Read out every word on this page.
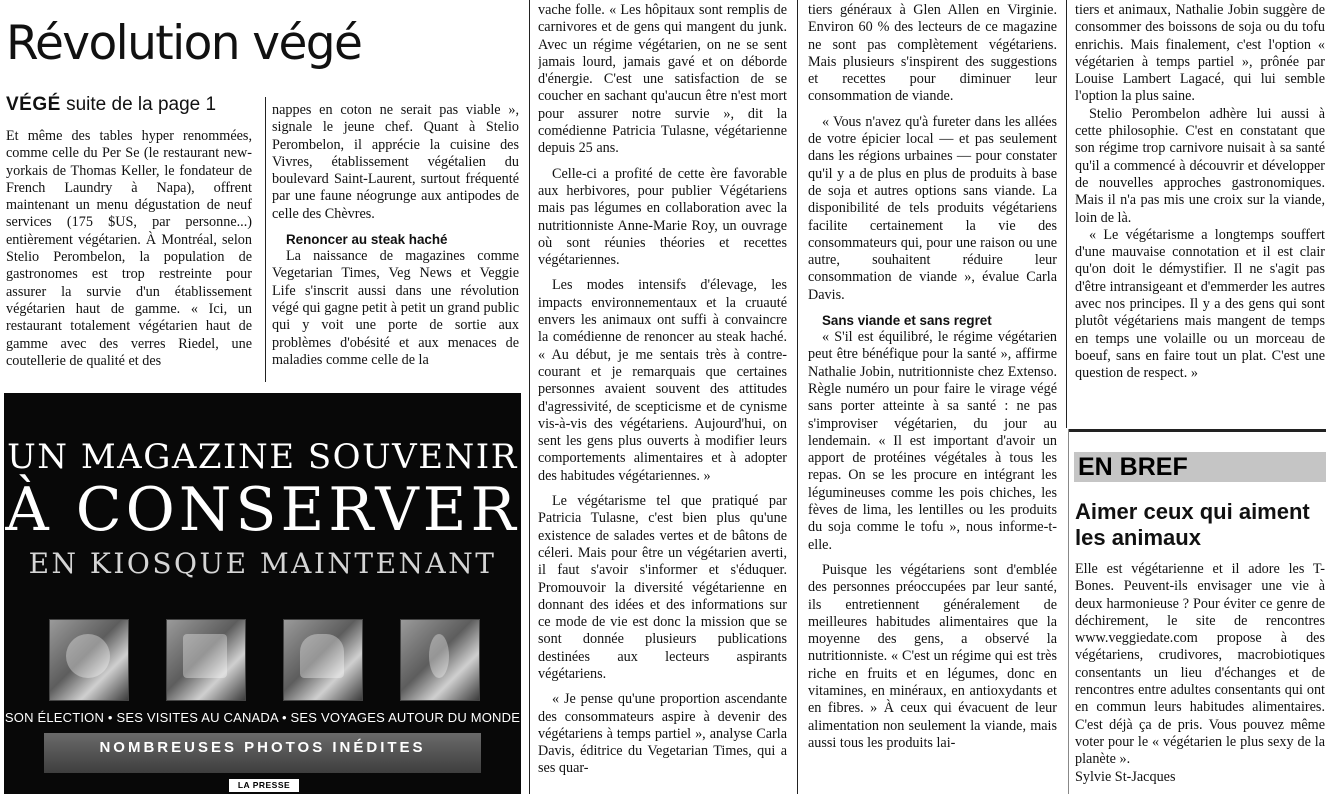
Révolution végé
VÉGÉ suite de la page 1

Et même des tables hyper renommées, comme celle du Per Se (le restaurant new-yorkais de Thomas Keller, le fondateur de French Laundry à Napa), offrent maintenant un menu dégustation de neuf services (175 $US, par personne...) entièrement végétarien. À Montréal, selon Stelio Perombelon, la population de gastronomes est trop restreinte pour assurer la survie d'un établissement végétarien haut de gamme. « Ici, un restaurant totalement végétarien haut de gamme avec des verres Riedel, une coutellerie de qualité et des

nappes en coton ne serait pas viable », signale le jeune chef. Quant à Stelio Perombelon, il apprécie la cuisine des Vivres, établissement végétalien du boulevard Saint-Laurent, surtout fréquenté par une faune néogrunge aux antipodes de celle des Chèvres.

Renoncer au steak haché

La naissance de magazines comme Vegetarian Times, Veg News et Veggie Life s'inscrit aussi dans une révolution végé qui gagne petit à petit un grand public qui y voit une porte de sortie aux problèmes d'obésité et aux menaces de maladies comme celle de la

vache folle. « Les hôpitaux sont remplis de carnivores et de gens qui mangent du junk. Avec un régime végétarien, on ne se sent jamais lourd, jamais gavé et on déborde d'énergie. C'est une satisfaction de se coucher en sachant qu'aucun être n'est mort pour assurer notre survie », dit la comédienne Patricia Tulasne, végétarienne depuis 25 ans.

Celle-ci a profité de cette ère favorable aux herbivores, pour publier Végétariens mais pas légumes en collaboration avec la nutritionniste Anne-Marie Roy, un ouvrage où sont réunies théories et recettes végétariennes.

Les modes intensifs d'élevage, les impacts environnementaux et la cruauté envers les animaux ont suffi à convaincre la comédienne de renoncer au steak haché. « Au début, je me sentais très à contre-courant et je remarquais que certaines personnes avaient souvent des attitudes d'agressivité, de scepticisme et de cynisme vis-à-vis des végétariens. Aujourd'hui, on sent les gens plus ouverts à modifier leurs comportements alimentaires et à adopter des habitudes végétariennes. »

Le végétarisme tel que pratiqué par Patricia Tulasne, c'est bien plus qu'une existence de salades vertes et de bâtons de céleri. Mais pour être un végétarien averti, il faut s'avoir s'informer et s'éduquer. Promouvoir la diversité végétarienne en donnant des idées et des informations sur ce mode de vie est donc la mission que se sont donnée plusieurs publications destinées aux lecteurs aspirants végétariens.

« Je pense qu'une proportion ascendante des consommateurs aspire à devenir des végétariens à temps partiel », analyse Carla Davis, éditrice du Vegetarian Times, qui a ses quar-

tiers généraux à Glen Allen en Virginie. Environ 60 % des lecteurs de ce magazine ne sont pas complètement végétariens. Mais plusieurs s'inspirent des suggestions et recettes pour diminuer leur consommation de viande.

« Vous n'avez qu'à fureter dans les allées de votre épicier local — et pas seulement dans les régions urbaines — pour constater qu'il y a de plus en plus de produits à base de soja et autres options sans viande. La disponibilité de tels produits végétariens facilite certainement la vie des consommateurs qui, pour une raison ou une autre, souhaitent réduire leur consommation de viande », évalue Carla Davis.

Sans viande et sans regret

« S'il est équilibré, le régime végétarien peut être bénéfique pour la santé », affirme Nathalie Jobin, nutritionniste chez Extenso. Règle numéro un pour faire le virage végé sans porter atteinte à sa santé : ne pas s'improviser végétarien, du jour au lendemain. « Il est important d'avoir un apport de protéines végétales à tous les repas. On se les procure en intégrant les légumineuses comme les pois chiches, les fèves de lima, les lentilles ou les produits du soja comme le tofu », nous informe-t-elle.

Puisque les végétariens sont d'emblée des personnes préoccupées par leur santé, ils entretiennent généralement de meilleures habitudes alimentaires que la moyenne des gens, a observé la nutritionniste. « C'est un régime qui est très riche en fruits et en légumes, donc en vitamines, en minéraux, en antioxydants et en fibres. » À ceux qui évacuent de leur alimentation non seulement la viande, mais aussi tous les produits lai-

tiers et animaux, Nathalie Jobin suggère de consommer des boissons de soja ou du tofu enrichis. Mais finalement, c'est l'option « végétarien à temps partiel », prônée par Louise Lambert Lagacé, qui lui semble l'option la plus saine.

Stelio Perombelon adhère lui aussi à cette philosophie. C'est en constatant que son régime trop carnivore nuisait à sa santé qu'il a commencé à découvrir et développer de nouvelles approches gastronomiques. Mais il n'a pas mis une croix sur la viande, loin de là.

« Le végétarisme a longtemps souffert d'une mauvaise connotation et il est clair qu'on doit le démystifier. Il ne s'agit pas d'être intransigeant et d'emmerder les autres avec nos principes. Il y a des gens qui sont plutôt végétariens mais mangent de temps en temps une volaille ou un morceau de boeuf, sans en faire tout un plat. C'est une question de respect. »

EN BREF
Aimer ceux qui aiment les animaux

Elle est végétarienne et il adore les T-Bones. Peuvent-ils envisager une vie à deux harmonieuse ? Pour éviter ce genre de déchirement, le site de rencontres www.veggiedate.com propose à des végétariens, crudivores, macrobiotiques consentants un lieu d'échanges et de rencontres entre adultes consentants qui ont en commun leurs habitudes alimentaires. C'est déjà ça de pris. Vous pouvez même voter pour le « végétarien le plus sexy de la planète ».

Sylvie St-Jacques

UN MAGAZINE SOUVENIR
À CONSERVER
EN KIOSQUE MAINTENANT
SON ÉLECTION • SES VISITES AU CANADA • SES VOYAGES AUTOUR DU MONDE
NOMBREUSES PHOTOS INÉDITES
LA PRESSE
